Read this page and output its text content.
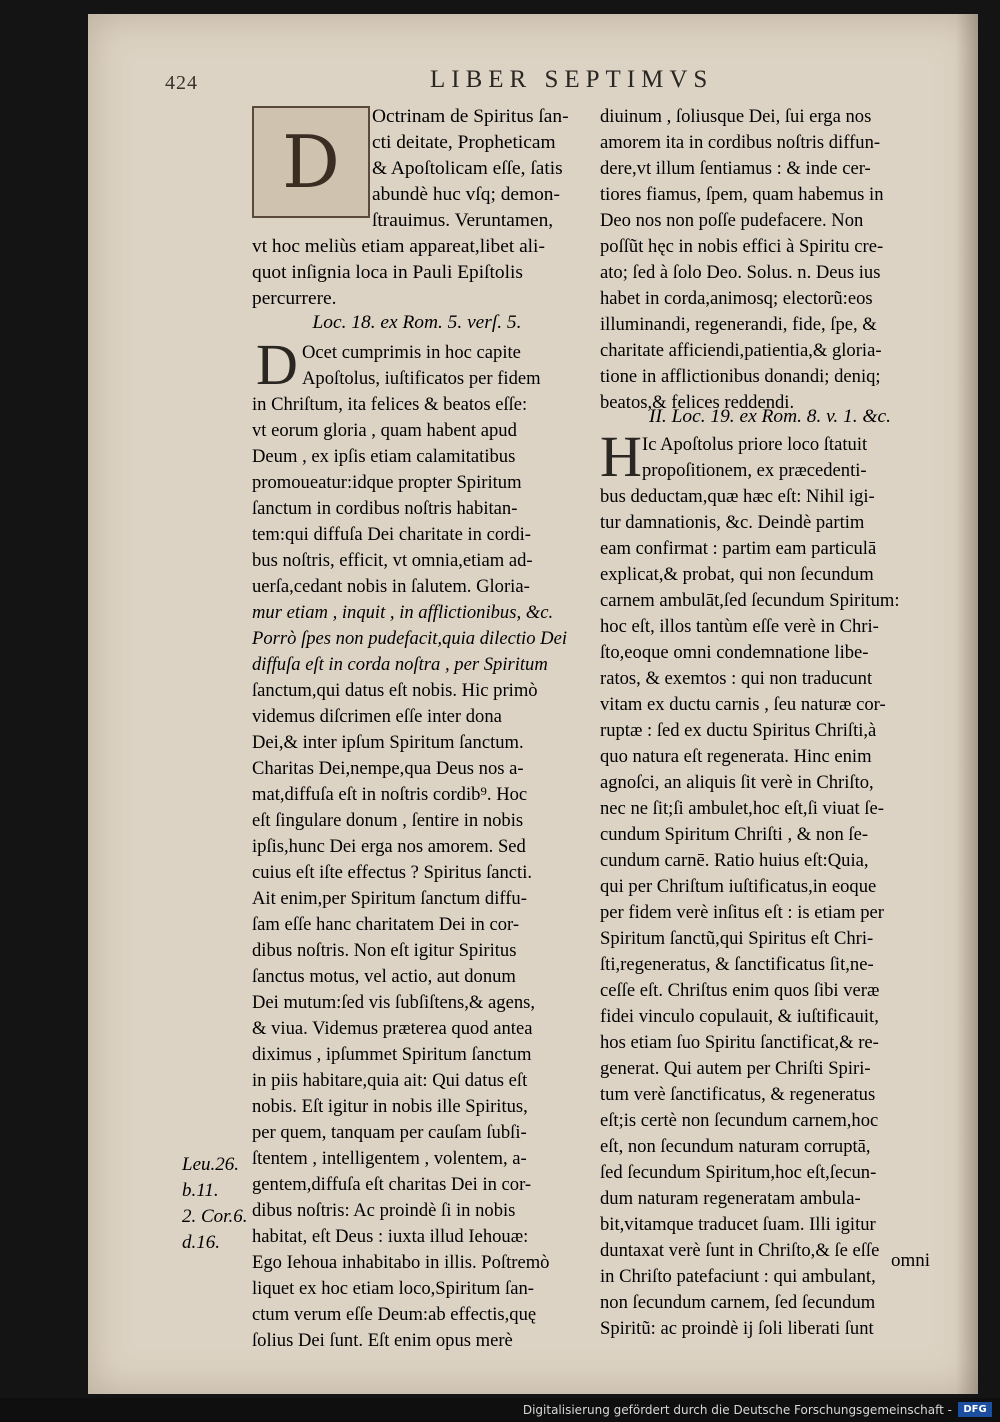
424	LIBER SEPTIMVS
D
Octrinam de Spiritus ſan-
cti deitate, Propheticam
& Apoſtolicam eſſe, ſatis
abundè huc vſq; demon-
ſtrauimus. Veruntamen,
vt hoc meliùs etiam appareat,libet ali-
quot inſignia loca in Pauli Epiſtolis
percurrere.
Loc. 18. ex Rom. 5. verſ. 5.
D Ocet cumprimis in hoc capite
Apoſtolus, iuſtificatos per fidem
in Chriſtum, ita felices & beatos eſſe:
vt eorum gloria , quam habent apud
Deum , ex ipſis etiam calamitatibus
promoueatur:idque propter Spiritum
ſanctum in cordibus noſtris habitan-
tem:qui diffuſa Dei charitate in cordi-
bus noſtris, efficit, vt omnia,etiam ad-
uerſa,cedant nobis in ſalutem. Gloria-
mur etiam , inquit , in afflictionibus, &c.
Porrò ſpes non pudefacit,quia dilectio Dei
diffuſa eſt in corda noſtra , per Spiritum
ſanctum,qui datus eſt nobis. Hic primò
videmus diſcrimen eſſe inter dona
Dei,& inter ipſum Spiritum ſanctum.
Charitas Dei,nempe,qua Deus nos a-
mat,diffuſa eſt in noſtris cordib⁹. Hoc
eſt ſingulare donum , ſentire in nobis
ipſis,hunc Dei erga nos amorem. Sed
cuius eſt iſte effectus ? Spiritus ſancti.
Ait enim,per Spiritum ſanctum diffu-
ſam eſſe hanc charitatem Dei in cor-
dibus noſtris. Non eſt igitur Spiritus
ſanctus motus, vel actio, aut donum
Dei mutum:ſed vis ſubſiſtens,& agens,
& viua. Videmus præterea quod antea
diximus , ipſummet Spiritum ſanctum
in piis habitare,quia ait: Qui datus eſt
nobis. Eſt igitur in nobis ille Spiritus,
per quem, tanquam per cauſam ſubſi-
ſtentem , intelligentem , volentem, a-
gentem,diffuſa eſt charitas Dei in cor-
dibus noſtris: Ac proindè ſi in nobis
habitat, eſt Deus : iuxta illud Iehouæ:
Ego Iehoua inhabitabo in illis. Poſtremò
liquet ex hoc etiam loco,Spiritum ſan-
ctum verum eſſe Deum:ab effectis,quę
ſolius Dei ſunt. Eſt enim opus merè
Leu.26.
b.11.
2. Cor.6.
d.16.
diuinum , ſoliusque Dei, ſui erga nos
amorem ita in cordibus noſtris diffun-
dere,vt illum ſentiamus : & inde cer-
tiores fiamus, ſpem, quam habemus in
Deo nos non poſſe pudefacere. Non
poſſũt hęc in nobis effici à Spiritu cre-
ato; ſed à ſolo Deo. Solus. n. Deus ius
habet in corda,animosq; electorũ:eos
illuminandi, regenerandi, fide, ſpe, &
charitate afficiendi,patientia,& gloria-
tione in afflictionibus donandi; deniq;
beatos,& felices reddendi.
II. Loc. 19. ex Rom. 8. v. 1. &c.
H Ic Apoſtolus priore loco ſtatuit
propoſitionem, ex præcedenti-
bus deductam,quæ hæc eſt: Nihil igi-
tur damnationis, &c. Deindè partim
eam confirmat : partim eam particulā
explicat,& probat, qui non ſecundum
carnem ambulāt,ſed ſecundum Spiritum:
hoc eſt, illos tantùm eſſe verè in Chri-
ſto,eoque omni condemnatione libe-
ratos, & exemtos : qui non traducunt
vitam ex ductu carnis , ſeu naturæ cor-
ruptæ : ſed ex ductu Spiritus Chriſti,à
quo natura eſt regenerata. Hinc enim
agnoſci, an aliquis ſit verè in Chriſto,
nec ne ſit;ſi ambulet,hoc eſt,ſi viuat ſe-
cundum Spiritum Chriſti , & non ſe-
cundum carnē. Ratio huius eſt:Quia,
qui per Chriſtum iuſtificatus,in eoque
per fidem verè inſitus eſt : is etiam per
Spiritum ſanctũ,qui Spiritus eſt Chri-
ſti,regeneratus, & ſanctificatus ſit,ne-
ceſſe eſt. Chriſtus enim quos ſibi veræ
fidei vinculo copulauit, & iuſtificauit,
hos etiam ſuo Spiritu ſanctificat,& re-
generat. Qui autem per Chriſti Spiri-
tum verè ſanctificatus, & regeneratus
eſt;is certè non ſecundum carnem,hoc
eſt, non ſecundum naturam corruptā,
ſed ſecundum Spiritum,hoc eſt,ſecun-
dum naturam regeneratam ambula-
bit,vitamque traducet ſuam. Illi igitur
duntaxat verè ſunt in Chriſto,& ſe eſſe
in Chriſto patefaciunt : qui ambulant,
non ſecundum carnem, ſed ſecundum
Spiritũ: ac proindè ij ſoli liberati ſunt
omni
Digitalisierung gefördert durch die Deutsche Forschungsgemeinschaft -	DFG
